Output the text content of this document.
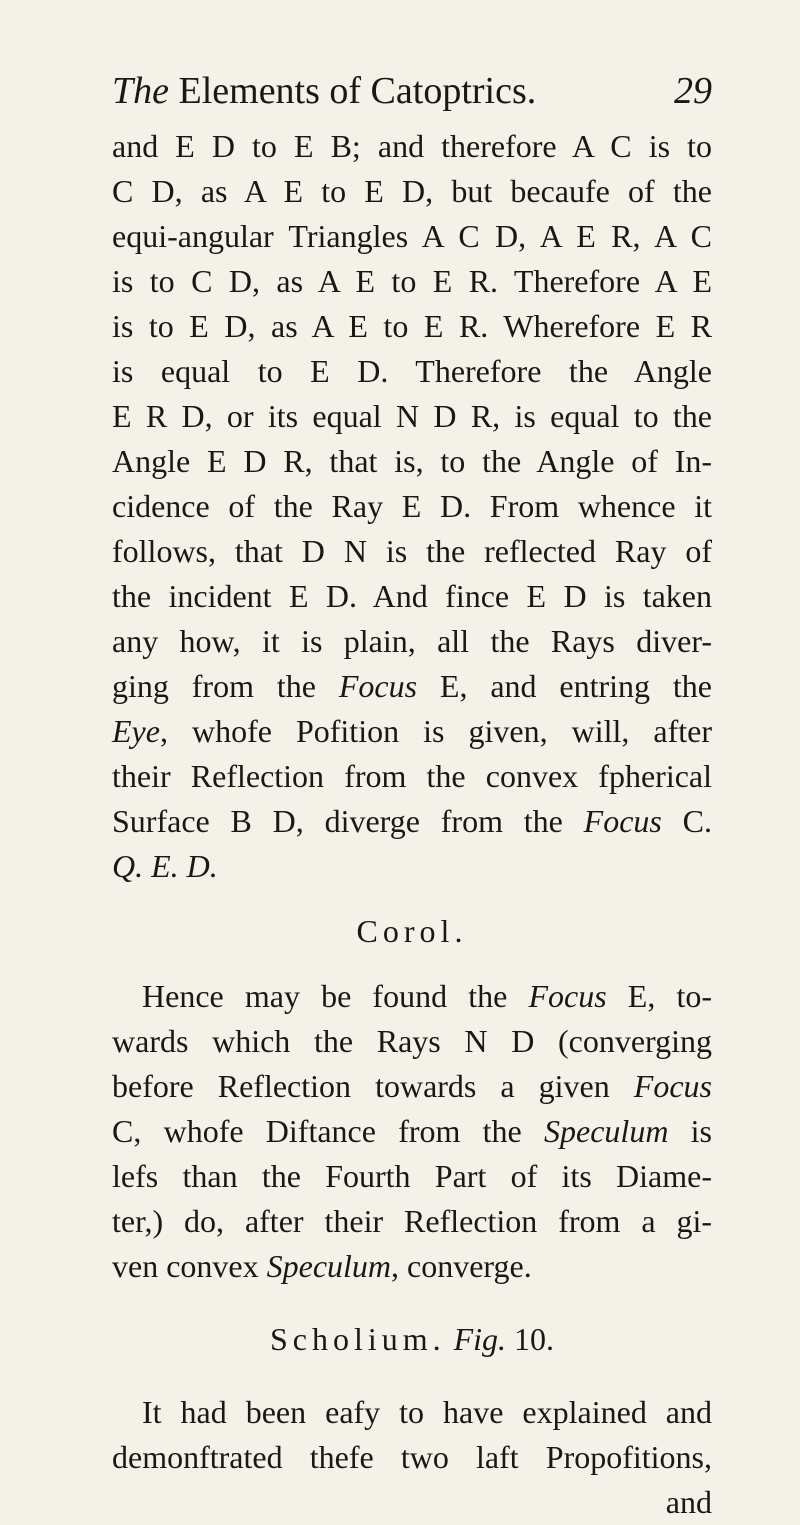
The Elements of Catoptrics.	29
and E D to E B; and therefore A C is to
C D, as A E to E D, but becaufe of the
equi-angular Triangles A C D, A E R, A C
is to C D, as A E to E R. Therefore A E
is to E D, as A E to E R. Wherefore E R
is equal to E D. Therefore the Angle
E R D, or its equal N D R, is equal to the
Angle E D R, that is, to the Angle of In-
cidence of the Ray E D. From whence it
follows, that D N is the reflected Ray of
the incident E D. And fince E D is taken
any how, it is plain, all the Rays diver-
ging from the Focus E, and entring the
Eye, whofe Pofition is given, will, after
their Reflection from the convex fpherical
Surface B D, diverge from the Focus C.
Q. E. D.
Corol.
Hence may be found the Focus E, to-
wards which the Rays N D (converging
before Reflection towards a given Focus
C, whofe Diftance from the Speculum is
lefs than the Fourth Part of its Diame-
ter,) do, after their Reflection from a gi-
ven convex Speculum, converge.
Scholium. Fig. 10.
It had been eafy to have explained and
demonftrated thefe two laft Propofitions,
and
